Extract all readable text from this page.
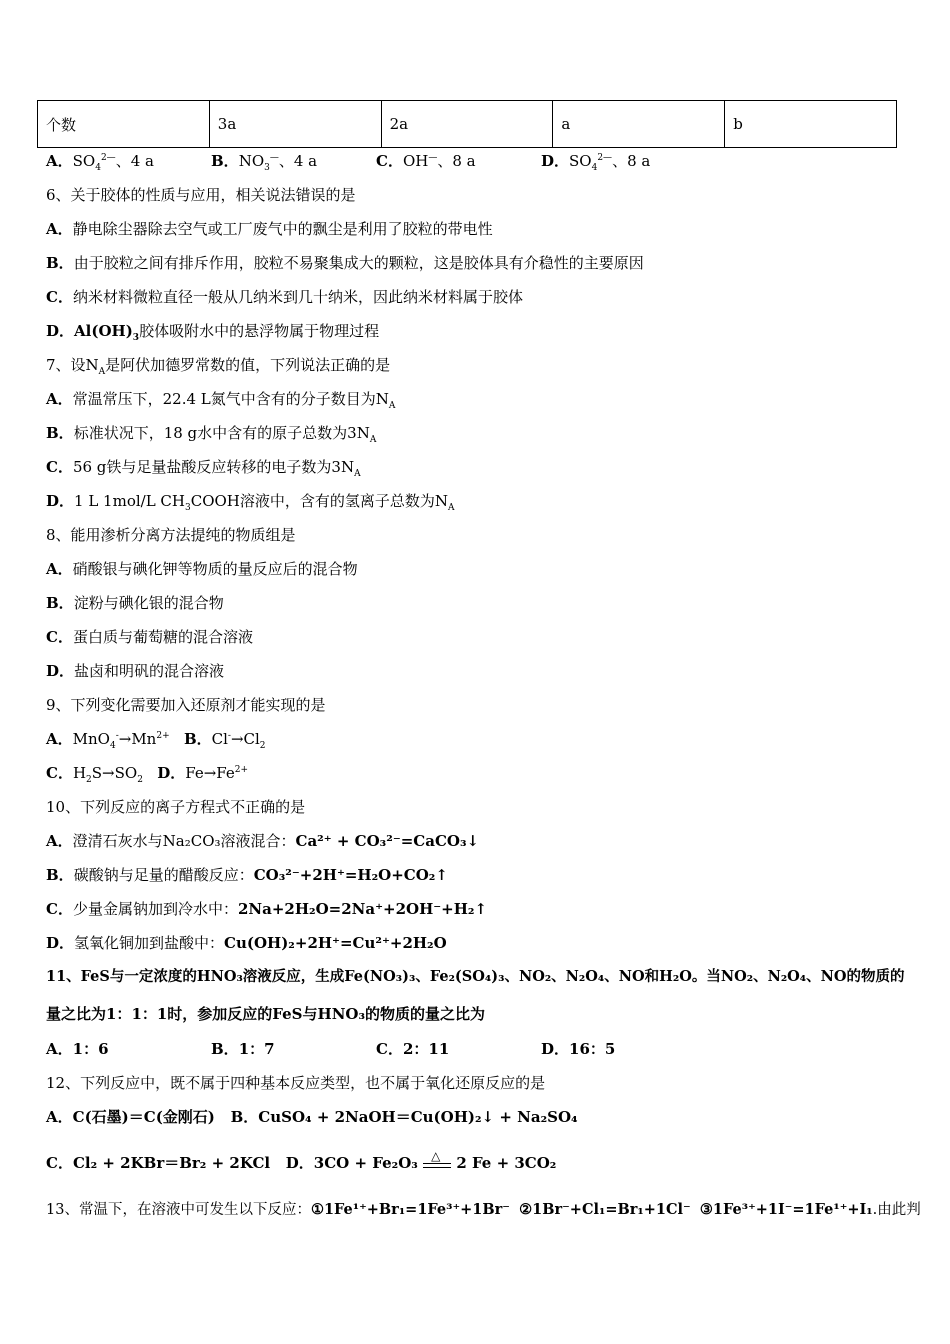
个数	3a	2a	a	b
A．$SO_4^{2—}$、4 a	B．$NO_3^—$、4 a	C．OH—、8 a	D．$SO_4^{2—}$、8 a
6、关于胶体的性质与应用，相关说法错误的是
A．静电除尘器除去空气或工厂废气中的飘尘是利用了胶粒的带电性
B．由于胶粒之间有排斥作用，胶粒不易聚集成大的颗粒，这是胶体具有介稳性的主要原因
C．纳米材料微粒直径一般从几纳米到几十纳米，因此纳米材料属于胶体
D．$Al(OH)_3$胶体吸附水中的悬浮物属于物理过程
7、设$N_A$是阿伏加德罗常数的值，下列说法正确的是
A．常温常压下，22.4 L氮气中含有的分子数目为$N_A$
B．标准状况下，18 g水中含有的原子总数为$3N_A$
C．56 g铁与足量盐酸反应转移的电子数为$3N_A$
D．1 L 1mol/L $CH_3COOH$溶液中，含有的氢离子总数为$N_A$
8、能用渗析分离方法提纯的物质组是
A．硝酸银与碘化钾等物质的量反应后的混合物
B．淀粉与碘化银的混合物
C．蛋白质与葡萄糖的混合溶液
D．盐卤和明矾的混合溶液
9、下列变化需要加入还原剂才能实现的是
A．$MnO_4^-\to Mn^{2+}$ B．$Cl^-\to Cl_2$
C．$H_2S\to SO_2$ D．$Fe\to Fe^{2+}$
10、下列反应的离子方程式不正确的是
A．澄清石灰水与Na₂CO₃溶液混合：Ca²⁺ + CO₃²⁻=CaCO₃↓
B．碳酸钠与足量的醋酸反应：CO₃²⁻+2H⁺=H₂O+CO₂↑
C．少量金属钠加到冷水中：2Na+2H₂O=2Na⁺+2OH⁻+H₂↑
D．氢氧化铜加到盐酸中：Cu(OH)₂+2H⁺=Cu²⁺+2H₂O
11、FeS与一定浓度的HNO₃溶液反应，生成Fe(NO₃)₃、Fe₂(SO₄)₃、NO₂、N₂O₄、NO和H₂O。当NO₂、N₂O₄、NO的物质的
量之比为1：1：1时，参加反应的FeS与HNO₃的物质的量之比为
A．1：6	B．1：7	C．2：11	D．16：5
12、下列反应中，既不属于四种基本反应类型，也不属于氧化还原反应的是
A．C(石墨)＝C(金刚石) B．CuSO₄ + 2NaOH＝Cu(OH)₂↓ + Na₂SO₄
C．Cl₂ + 2KBr＝Br₂ + 2KCl D．3CO + Fe₂O₃ △ 2 Fe + 3CO₂
13、常温下，在溶液中可发生以下反应：①1Fe¹⁺+Br₁=1Fe³⁺+1Br⁻ ②1Br⁻+Cl₁=Br₁+1Cl⁻ ③1Fe³⁺+1I⁻=1Fe¹⁺+I₁.由此判
